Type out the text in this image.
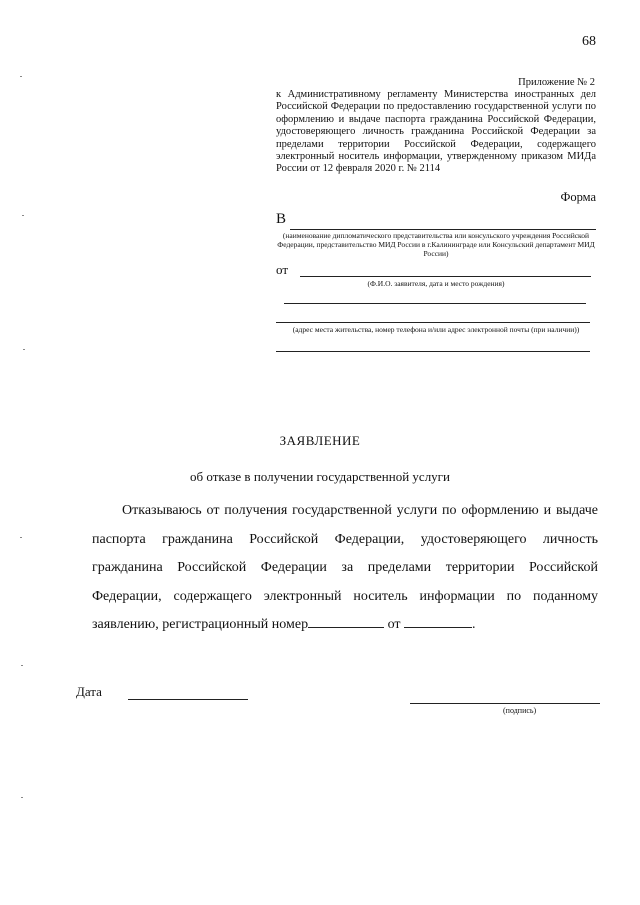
68
Приложение № 2
к Административному регламенту Министерства иностранных дел Российской Федерации по предоставлению государственной услуги по оформлению и выдаче паспорта гражданина Российской Федерации, удостоверяющего личность гражданина Российской Федерации за пределами территории Российской Федерации, содержащего электронный носитель информации, утвержденному приказом МИДа России от 12 февраля 2020 г. № 2114
Форма
В
(наименование дипломатического представительства или консульского учреждения Российской Федерации, представительство МИД России в г.Калининграде или Консульский департамент МИД России)
от
(Ф.И.О. заявителя, дата и место рождения)
(адрес места жительства, номер телефона и/или адрес электронной почты (при наличии))
ЗАЯВЛЕНИЕ
об отказе в получении государственной услуги
Отказываюсь от получения государственной услуги по оформлению и выдаче паспорта гражданина Российской Федерации, удостоверяющего личность гражданина Российской Федерации за пределами территории Российской Федерации, содержащего электронный носитель информации по поданному заявлению, регистрационный номер	от	.
Дата
(подпись)
